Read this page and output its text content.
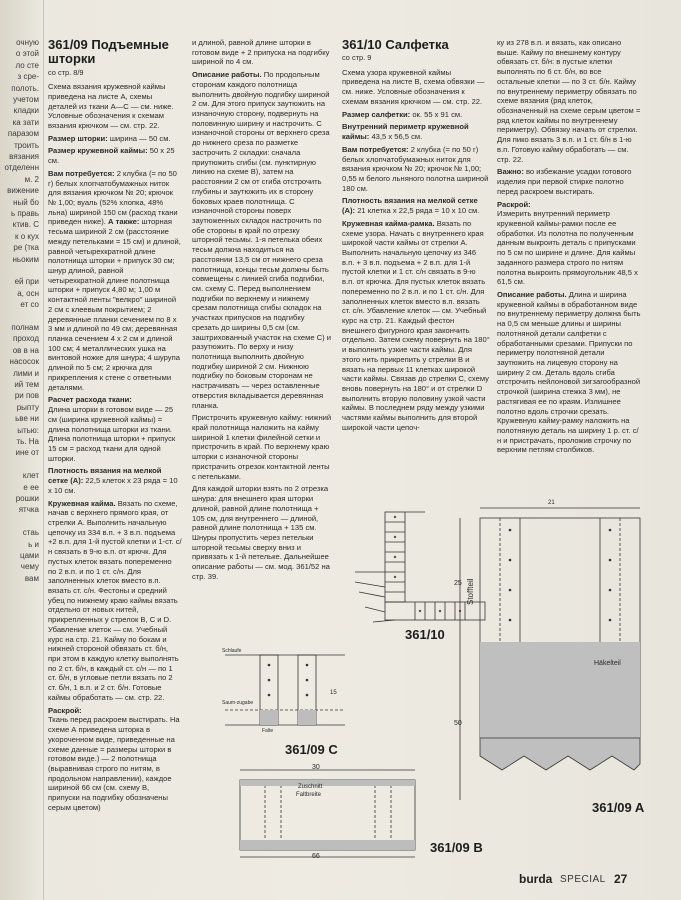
очную
о этой
ло сте
з сре-
полоть.
учетом
кладки
ка зати
паразом
троить
вязания
отделенн
м. 2
вижение
ный бо
ь правь
ктив. С
к о кух
ре (тка
ньоким
ей при
а, осн
ет со
полнам
проход
ов в на
насосок
лими и
ий тем
ри пов
рыпту
ьве ни
ытью:
ть. На
ине от
клет
е ее
рошки
ятчка
стаь
ь и
цами
чему
вам
361/09 Подъемные шторки
со стр. 8/9
Схема вязания кружевной каймы приведена на листе А, схемы деталей из ткани А—С — см. ниже. Условные обозначения к схемам вязания крючком — см. стр. 22.
Размер шторки: ширина — 50 см.
Размер кружевной каймы: 50 х 25 см.
Вам потребуется: 2 клубка (= по 50 г) белых хлопчатобумажных ниток для вязания крючком № 20; крючок № 1,00; вуаль (52% хлопка, 48% льна) шириной 150 см (расход ткани приведен ниже). А также: шторная тесьма шириной 2 см (расстояние между петельками = 15 см) и длиной, равной четырехкратной длине полотнища шторки + припуск 30 см; шнур длиной, равной четырехкратной длине полотнища шторки + припуск 4,80 м; 1,00 м контактной ленты "велкро" шириной 2 см с клеевым покрытием; 2 деревянные планки сечением по 8 х 3 мм и длиной по 49 см; деревянная планка сечением 4 х 2 см и длиной 100 см; 4 металлических ушка на винтовой ножке для шнура; 4 шурупа длиной по 5 см; 2 крючка для прикрепления к стене с ответными деталями.
Расчет расхода ткани:
Длина шторки в готовом виде — 25 см (ширина кружевной каймы) = длина полотнища шторки из ткани. Длина полотнища шторки + припуск 15 см = расход ткани для одной шторки.
Плотность вязания на мелкой сетке (А): 22,5 клеток х 23 ряда = 10 х 10 см.
Кружевная кайма. Вязать по схеме, начав с верхнего прямого края, от стрелки А. Выполнить начальную цепочку из 334 в.п. + 3 в.п. подъема +2 в.п. для 1-й пустой клетки и 1-ст. с/н связать в 9-ю в.п. от крючк. Для пустых клеток вязать попеременно по 2 в.п. и по 1 ст. с/н. Для заполненных клеток вместо в.п. вязать ст. с/н. Фестоны и средний убец по нижнему краю каймы вязать отдельно от новых нитей, прикрепленных у стрелок В, С и D. Убавление клеток — см. Учебный курс на стр. 21. Кайму по бокам и нижней стороной обвязать ст. б/н, при этом в каждую клетку выполнять по 2 ст. б/н, в каждый ст. с/н — по 1 ст. б/н, в угловые петли вязать по 2 ст. б/н, 1 в.п. и 2 ст. б/н. Готовые каймы обработать — см. стр. 22.
Раскрой:
Ткань перед раскроем выстирать. На схеме А приведена шторка в укороченном виде, приведенные на схеме данные = размеры шторки в готовом виде.) — 2 полотнища (выравнивая строго по нитям, в продольном направлении), каждое шириной 66 см (см. схему В, припуски на подгибку обозначены серым цветом)
и длиной, равной длине шторки в готовом виде + 2 припуска на подгибку шириной по 4 см.
Описание работы. По продольным сторонам каждого полотнища выполнить двойную подгибку шириной 2 см. Для этого припуск заутюжить на изнаночную сторону, подвернуть на половинную ширину и настрочить. С изнаночной стороны от верхнего среза до нижнего среза по разметке застрочить 2 складки: сначала приутюжить сгибы (см. пунктирную линию на схеме В), затем на расстоянии 2 см от сгиба отстрочить глубины и заутюжить их в сторону боковых краев полотнища. С изнаночной стороны поверх заутюженных складок настрочить по обе стороны в край по отрезку шторной тесьмы. 1-я петелька обеих тесьм должна находиться на расстоянии 13,5 см от нижнего среза полотнища, концы тесьм должны быть совмещены с линией сгиба подгибки, см. схему С. Перед выполнением подгибки по верхнему и нижнему срезам полотнища сгибы складок на участках припусков на подгибку срезать до ширины 0,5 см (см. заштрихованный участок на схеме С) и разутюжить. По верху и низу полотнища выполнить двойную подгибку шириной 2 см. Нижнюю подгибку по боковым сторонам не настрачивать — через оставленные отверстия вкладывается деревянная планка.
Пристрочить кружевную кайму: нижний край полотнища наложить на кайму шириной 1 клетки филейной сетки и пристрочить в край. По верхнему краю шторки с изнаночной стороны пристрачить отрезок контактной ленты с петельками.
Для каждой шторки взять по 2 отрезка шнура: для внешнего края шторки длиной, равной длине полотнища + 105 см, для внутреннего — длиной, равной длине полотнища + 135 см. Шнуры пропустить через петельки шторной тесьмы сверху вниз и привязать к 1-й петельке. Дальнейшее описание работы — см. мод. 361/52 на стр. 39.
361/10 Салфетка
со стр. 9
Схема узора кружевной каймы приведена на листе В, схема обвязки — см. ниже. Условные обозначения к схемам вязания крючком — см. стр. 22.
Размер салфетки: ок. 55 х 91 см.
Внутренний периметр кружевной каймы: 43,5 х 56,5 см.
Вам потребуется: 2 клубка (= по 50 г) белых хлопчатобумажных ниток для вязания крючком № 20; крючок № 1,00; 0,55 м белого льняного полотна шириной 180 см.
Плотность вязания на мелкой сетке (А): 21 клетка х 22,5 ряда = 10 х 10 см.
Кружевная кайма-рамка. Вязать по схеме узора. Начать с внутреннего края широкой части каймы от стрелки А. Выполнить начальную цепочку из 346 в.п. + 3 в.п. подъема + 2 в.п. для 1-й пустой клетки и 1 ст. с/н связать в 9-ю в.п. от крючка. Для пустых клеток вязать попеременно по 2 в.п. и по 1 ст. с/н. Для заполненных клеток вместо в.п. вязать ст. с/н. Убавление клеток — см. Учебный курс на стр. 21. Каждый фестон внешнего фигурного края закончить отдельно. Затем схему повернуть на 180° и выполнить узкие части каймы. Для этого нить прикрепить у стрелки В и вязать на первых 11 клетках широкой части каймы. Связав до стрелки С, схему вновь повернуть на 180° и от стрелки D выполнить вторую половину узкой части каймы. В последнем ряду между узкими частями каймы выполнить для второй широкой части цепоч-
ку из 278 в.п. и вязать, как описано выше. Кайму по внешнему контуру обвязать ст. б/н: в пустые клетки выполнять по 6 ст. б/н, во все остальные клетки — по 3 ст. б/н. Кайму по внутреннему периметру обвязать по схеме вязания (ряд клеток, обозначенный на схеме серым цветом = ряд клеток каймы по внутреннему периметру). Обвязку начать от стрелки. Для пико вязать 3 в.п. и 1 ст. б/н в 1-ю в.п. Готовую кайму обработать — см. стр. 22.
Важно: во избежание усадки готового изделия при первой стирке полотно перед раскроем выстирать.
Раскрой:
Измерить внутренний периметр кружевной каймы-рамки после ее обработки. Из полотна по полученным данным выкроить деталь с припусками по 5 см по ширине и длине. Для каймы заданного размера строго по нитям полотна выкроить прямоугольник 48,5 х 61,5 см.
Описание работы. Длина и ширина кружевной каймы в обработанном виде по внутреннему периметру должна быть на 0,5 см меньше длины и ширины полотняной детали салфетки с обработанными срезами. Припуски по периметру полотняной детали заутюжить на лицевую сторону на ширину 2 см. Деталь вдоль сгиба отстрочить нейлоновой зигзагообразной строчкой (ширина стежка 3 мм), не растягивая ее по краям. Излишнее полотно вдоль строчки срезать. Кружевную кайму-рамку наложить на полотняную деталь на ширину 1 р. ст. с/н и пристрачать, проложив строчку по верхним петлям столбиков.
361/10
Schlaufe
Saum-zugabe
Falte
15
361/09 C
Zuschnitt
Faltbreite
30
66
361/09 B
Stoffteil
Häkelteil
25
50
21
361/09 A
burda SPECIAL 27
